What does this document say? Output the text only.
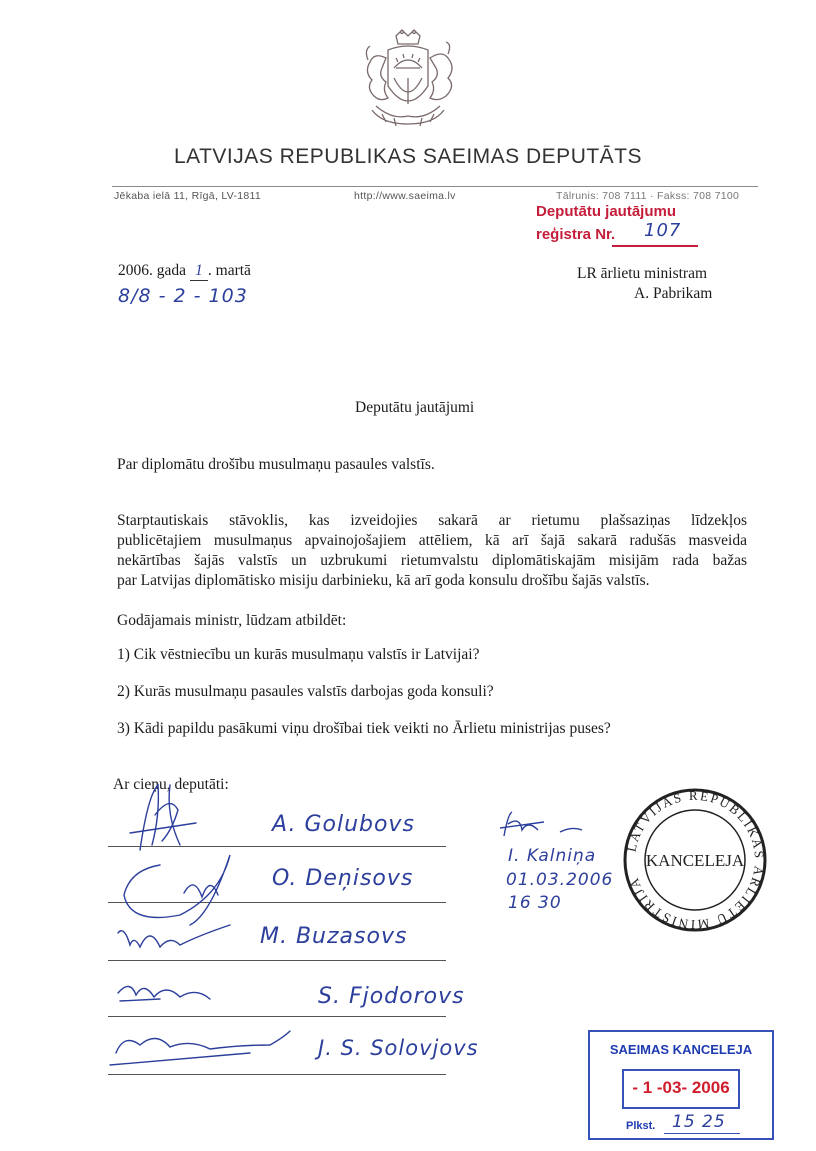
LATVIJAS REPUBLIKAS SAEIMAS DEPUTĀTS
Jēkaba ielā 11, Rīgā, LV-1811	http://www.saeima.lv	Tālrunis: 708 7111 · Fakss: 708 7100
Deputātu jautājumu
reģistra Nr. 107
2006. gada 1 . martā
8/8 - 2 - 103
LR ārlietu ministram
A. Pabrikam
Deputātu jautājumi
Par diplomātu drošību musulmaņu pasaules valstīs.
Starptautiskais stāvoklis, kas izveidojies sakarā ar rietumu plašsaziņas līdzekļos
publicētajiem musulmaņus apvainojošajiem attēliem, kā arī šajā sakarā radušās masveida
nekārtības šajās valstīs un uzbrukumi rietumvalstu diplomātiskajām misijām rada bažas
par Latvijas diplomātisko misiju darbinieku, kā arī goda konsulu drošību šajās valstīs.
Godājamais ministr, lūdzam atbildēt:
1) Cik vēstniecību un kurās musulmaņu valstīs ir Latvijai?
2) Kurās musulmaņu pasaules valstīs darbojas goda konsuli?
3) Kādi papildu pasākumi viņu drošībai tiek veikti no Ārlietu ministrijas puses?
Ar cieņu, deputāti:
A. Golubovs
O. Deņisovs
M. Buzasovs
S. Fjodorovs
J. S. Solovjovs
I. Kalniņa
01.03.2006
16 30
LATVIJAS REPUBLIKAS ĀRLIETU MINISTRIJA
KANCELEJA
SAEIMAS KANCELEJA
- 1 -03- 2006
Plkst. 15 25
